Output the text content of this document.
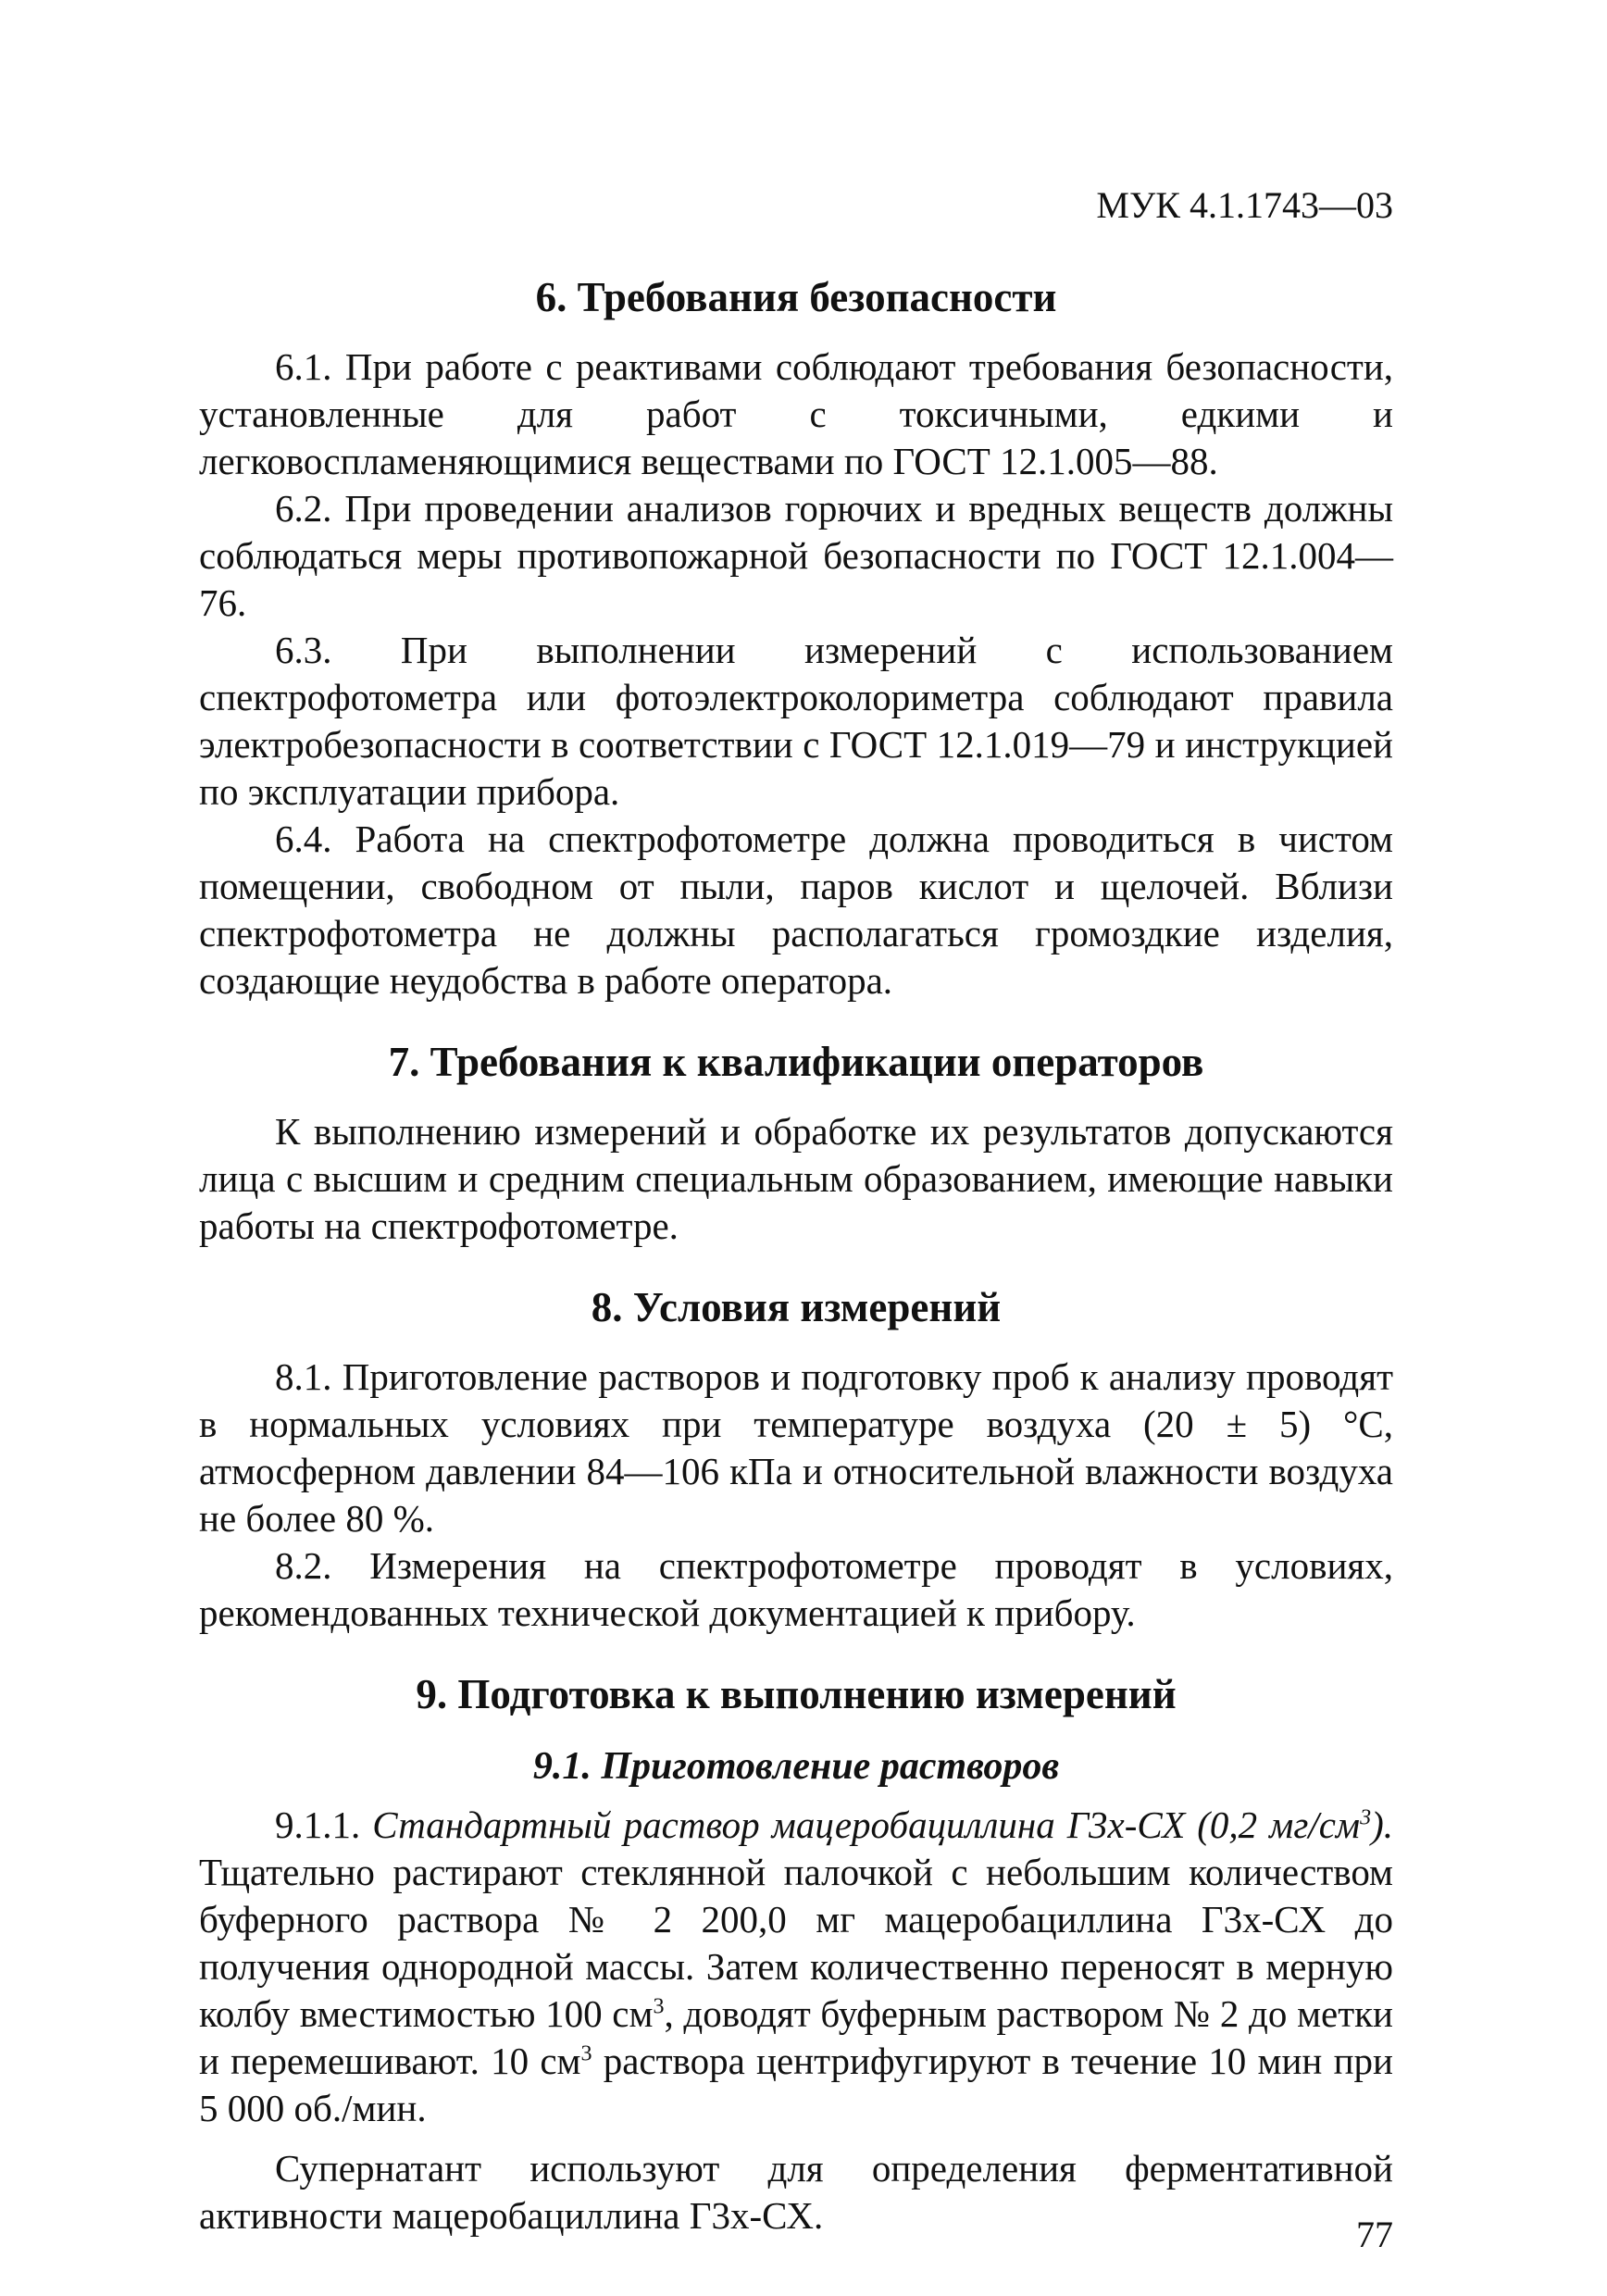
МУК 4.1.1743—03
6. Требования безопасности

6.1. При работе с реактивами соблюдают требования безопасности, установленные для работ с токсичными, едкими и легковоспламеняющимися веществами по ГОСТ 12.1.005—88.

6.2. При проведении анализов горючих и вредных веществ должны соблюдаться меры противопожарной безопасности по ГОСТ 12.1.004—76.

6.3. При выполнении измерений с использованием спектрофотометра или фотоэлектроколориметра соблюдают правила электробезопасности в соответствии с ГОСТ 12.1.019—79 и инструкцией по эксплуатации прибора.

6.4. Работа на спектрофотометре должна проводиться в чистом помещении, свободном от пыли, паров кислот и щелочей. Вблизи спектрофотометра не должны располагаться громоздкие изделия, создающие неудобства в работе оператора.

7. Требования к квалификации операторов

К выполнению измерений и обработке их результатов допускаются лица с высшим и средним специальным образованием, имеющие навыки работы на спектрофотометре.

8. Условия измерений

8.1. Приготовление растворов и подготовку проб к анализу проводят в нормальных условиях при температуре воздуха (20 ± 5) °С, атмосферном давлении 84—106 кПа и относительной влажности воздуха не более 80 %.

8.2. Измерения на спектрофотометре проводят в условиях, рекомендованных технической документацией к прибору.

9. Подготовка к выполнению измерений
9.1. Приготовление растворов

9.1.1. Стандартный раствор мацеробациллина Г3х-СХ (0,2 $мг/см^3$). Тщательно растирают стеклянной палочкой с небольшим количеством буферного раствора № 2 200,0 мг мацеробациллина Г3х-СХ до получения однородной массы. Затем количественно переносят в мерную колбу вместимостью 100 $см^3$, доводят буферным раствором № 2 до метки и перемешивают. 10 $см^3$ раствора центрифугируют в течение 10 мин при 5 000 об./мин.

Супернатант используют для определения ферментативной активности мацеробациллина Г3х-СХ.	77
